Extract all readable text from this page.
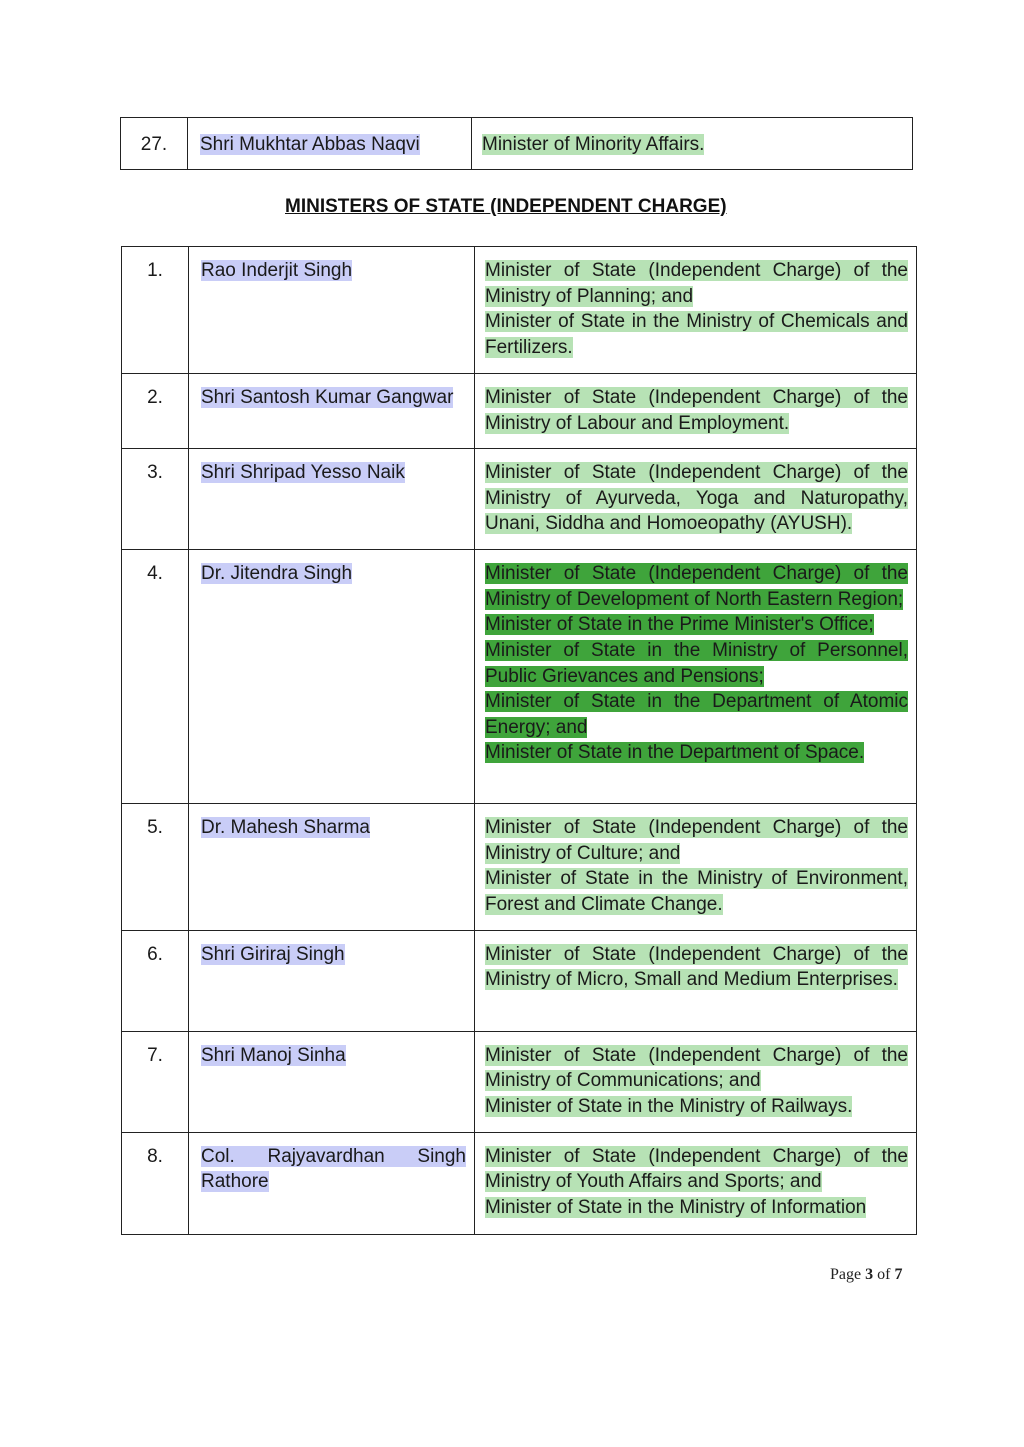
27.	Shri Mukhtar Abbas Naqvi	Minister of Minority Affairs.
MINISTERS OF STATE (INDEPENDENT CHARGE)
1.	Rao Inderjit Singh	Minister of State (Independent Charge) of the Ministry of Planning; and
Minister of State in the Ministry of Chemicals and Fertilizers.

2.	Shri Santosh Kumar Gangwar	Minister of State (Independent Charge) of the Ministry of Labour and Employment.

3.	Shri Shripad Yesso Naik	Minister of State (Independent Charge) of the Ministry of Ayurveda, Yoga and Naturopathy, Unani, Siddha and Homoeopathy (AYUSH).

4.	Dr. Jitendra Singh	Minister of State (Independent Charge) of the Ministry of Development of North Eastern Region;
Minister of State in the Prime Minister's Office;
Minister of State in the Ministry of Personnel, Public Grievances and Pensions;
Minister of State in the Department of Atomic Energy; and
Minister of State in the Department of Space.

5.	Dr. Mahesh Sharma	Minister of State (Independent Charge) of the Ministry of Culture; and
Minister of State in the Ministry of Environment, Forest and Climate Change.

6.	Shri Giriraj Singh	Minister of State (Independent Charge) of the Ministry of Micro, Small and Medium Enterprises.

7.	Shri Manoj Sinha	Minister of State (Independent Charge) of the Ministry of Communications; and
Minister of State in the Ministry of Railways.

8.	Col. Rajyavardhan Singh Rathore	Minister of State (Independent Charge) of the Ministry of Youth Affairs and Sports; and
Minister of State in the Ministry of Information
Page 3 of 7
